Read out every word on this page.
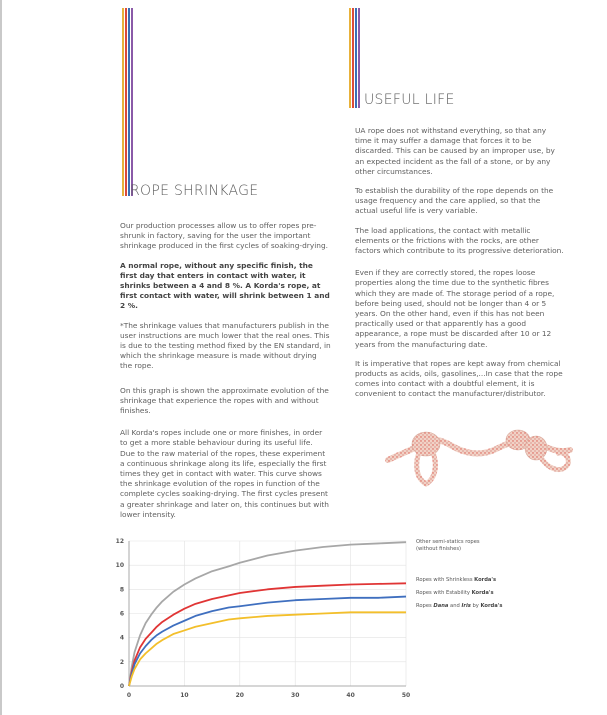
USEFUL LIFE
ROPE SHRINKAGE

UA rope does not withstand everything, so that any time it may suffer a damage that forces it to be discarded. This can be caused by an improper use, by an expected incident as the fall of a stone, or by any other circumstances.

To establish the durability of the rope depends on the usage frequency and the care applied, so that the actual useful life is very variable.

The load applications, the contact with metallic elements or the frictions with the rocks, are other factors which contribute to its progressive deterioration.

Even if they are correctly stored, the ropes loose properties along the time due to the synthetic fibres which they are made of. The storage period of a rope, before being used, should not be longer than 4 or 5 years. On the other hand, even if this has not been practically used or that apparently has a good appearance, a rope must be discarded after 10 or 12 years from the manufacturing date.

It is imperative that ropes are kept away from chemical products as acids, oils, gasolines,...In case that the rope comes into contact with a doubtful element, it is convenient to contact the manufacturer/distributor.

Our production processes allow us to offer ropes pre-shrunk in factory, saving for the user the important shrinkage produced in the first cycles of soaking-drying.

A normal rope, without any specific finish, the first day that enters in contact with water, it shrinks between a 4 and 8 %. A Korda's rope, at first contact with water, will shrink between 1 and 2 %.

*The shrinkage values that manufacturers publish in the user instructions are much lower that the real ones. This is due to the testing method fixed by the EN standard, in which the shrinkage measure is made without drying the rope.

On this graph is shown the approximate evolution of the shrinkage that experience the ropes with and without finishes.

All Korda's ropes include one or more finishes, in order to get a more stable behaviour during its useful life.

Due to the raw material of the ropes, these experiment a continuous shrinkage along its life, especially the first times they get in contact with water. This curve shows the shrinkage evolution of the ropes in function of the complete cycles soaking-drying. The first cycles present a greater shrinkage and later on, this continues but with lower intensity.

0
2
4
6
8
10
12
0	10	20	30	40	50
Other semi-statics ropes
(without finishes)
Ropes with Shrinkless Korda's
Ropes with Estability Korda's
Ropes Dana and Iris by Korda's
